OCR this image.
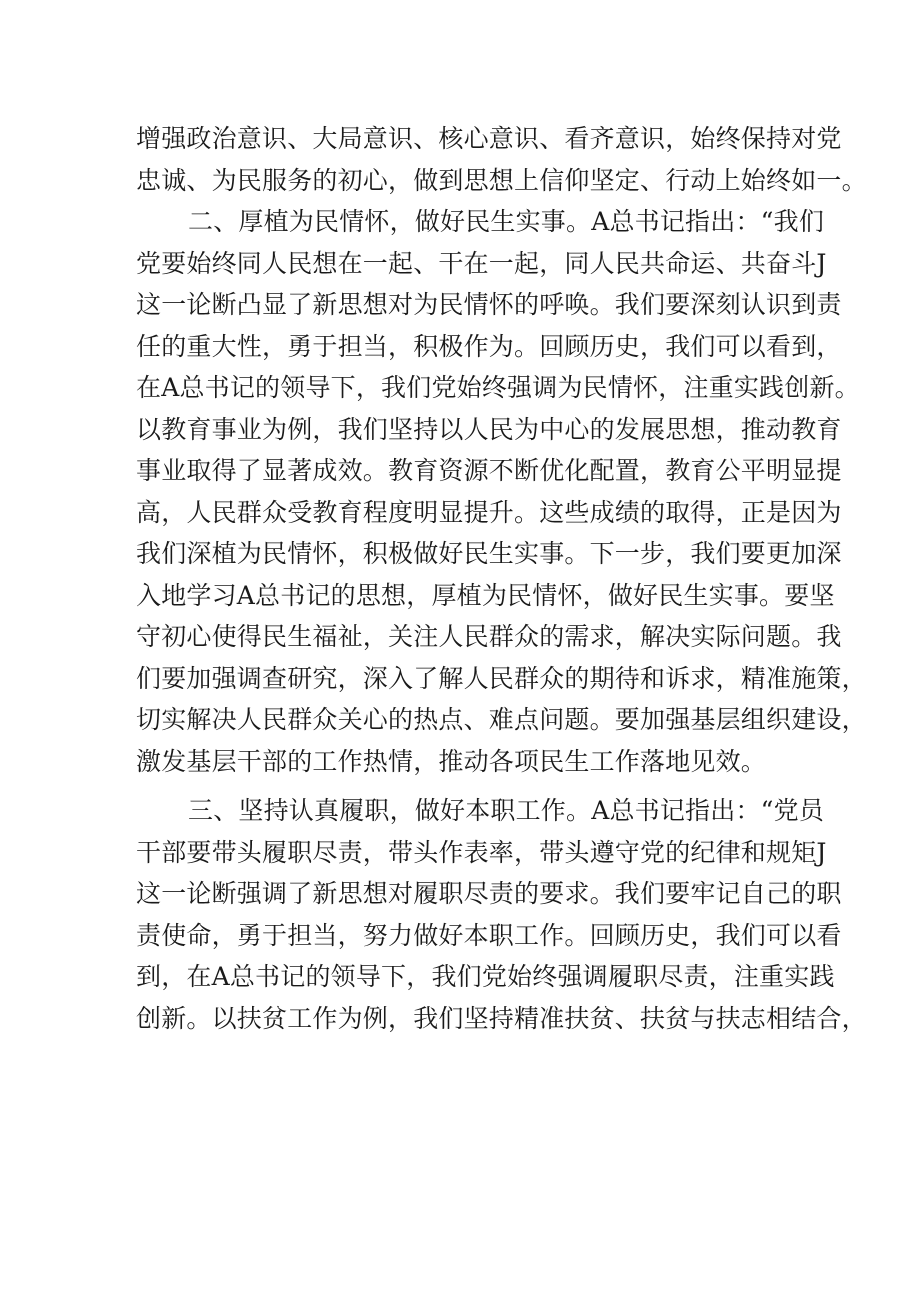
增强政治意识、大局意识、核心意识、看齐意识，始终保持对党
忠诚、为民服务的初心，做到思想上信仰坚定、行动上始终如一。
二、厚植为民情怀，做好民生实事。A总书记指出：“我们
党要始终同人民想在一起、干在一起，同人民共命运、共奋斗J
这一论断凸显了新思想对为民情怀的呼唤。我们要深刻认识到责
任的重大性，勇于担当，积极作为。回顾历史，我们可以看到，
在A总书记的领导下，我们党始终强调为民情怀，注重实践创新。
以教育事业为例，我们坚持以人民为中心的发展思想，推动教育
事业取得了显著成效。教育资源不断优化配置，教育公平明显提
高，人民群众受教育程度明显提升。这些成绩的取得，正是因为
我们深植为民情怀，积极做好民生实事。下一步，我们要更加深
入地学习A总书记的思想，厚植为民情怀，做好民生实事。要坚
守初心使得民生福祉，关注人民群众的需求，解决实际问题。我
们要加强调查研究，深入了解人民群众的期待和诉求，精准施策，
切实解决人民群众关心的热点、难点问题。要加强基层组织建设，
激发基层干部的工作热情，推动各项民生工作落地见效。
三、坚持认真履职，做好本职工作。A总书记指出：“党员
干部要带头履职尽责，带头作表率，带头遵守党的纪律和规矩J
这一论断强调了新思想对履职尽责的要求。我们要牢记自己的职
责使命，勇于担当，努力做好本职工作。回顾历史，我们可以看
到，在A总书记的领导下，我们党始终强调履职尽责，注重实践
创新。以扶贫工作为例，我们坚持精准扶贫、扶贫与扶志相结合，
